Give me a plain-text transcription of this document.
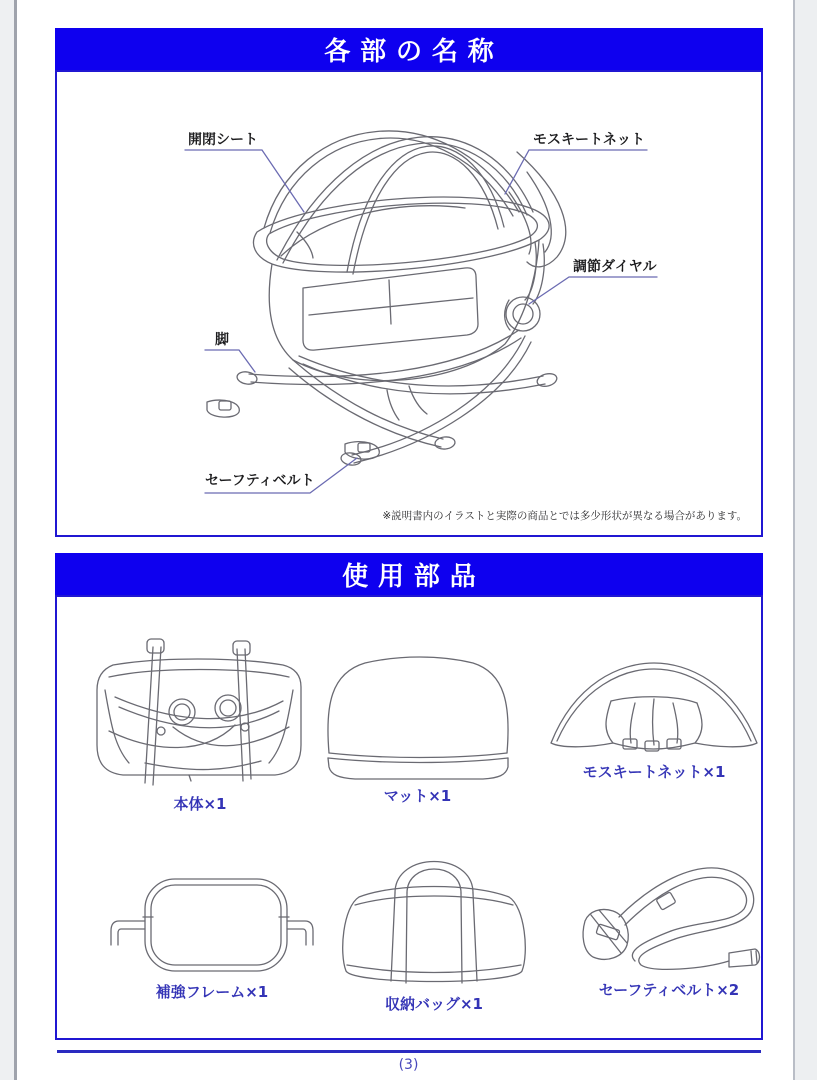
各部の名称
開閉シート	モスキートネット
調節ダイヤル
脚
セーフティベルト
※説明書内のイラストと実際の商品とでは多少形状が異なる場合があります。
使用部品
本体×1	マット×1
モスキートネット×1
補強フレーム×1
収納バッグ×1
セーフティベルト×2
(3)
